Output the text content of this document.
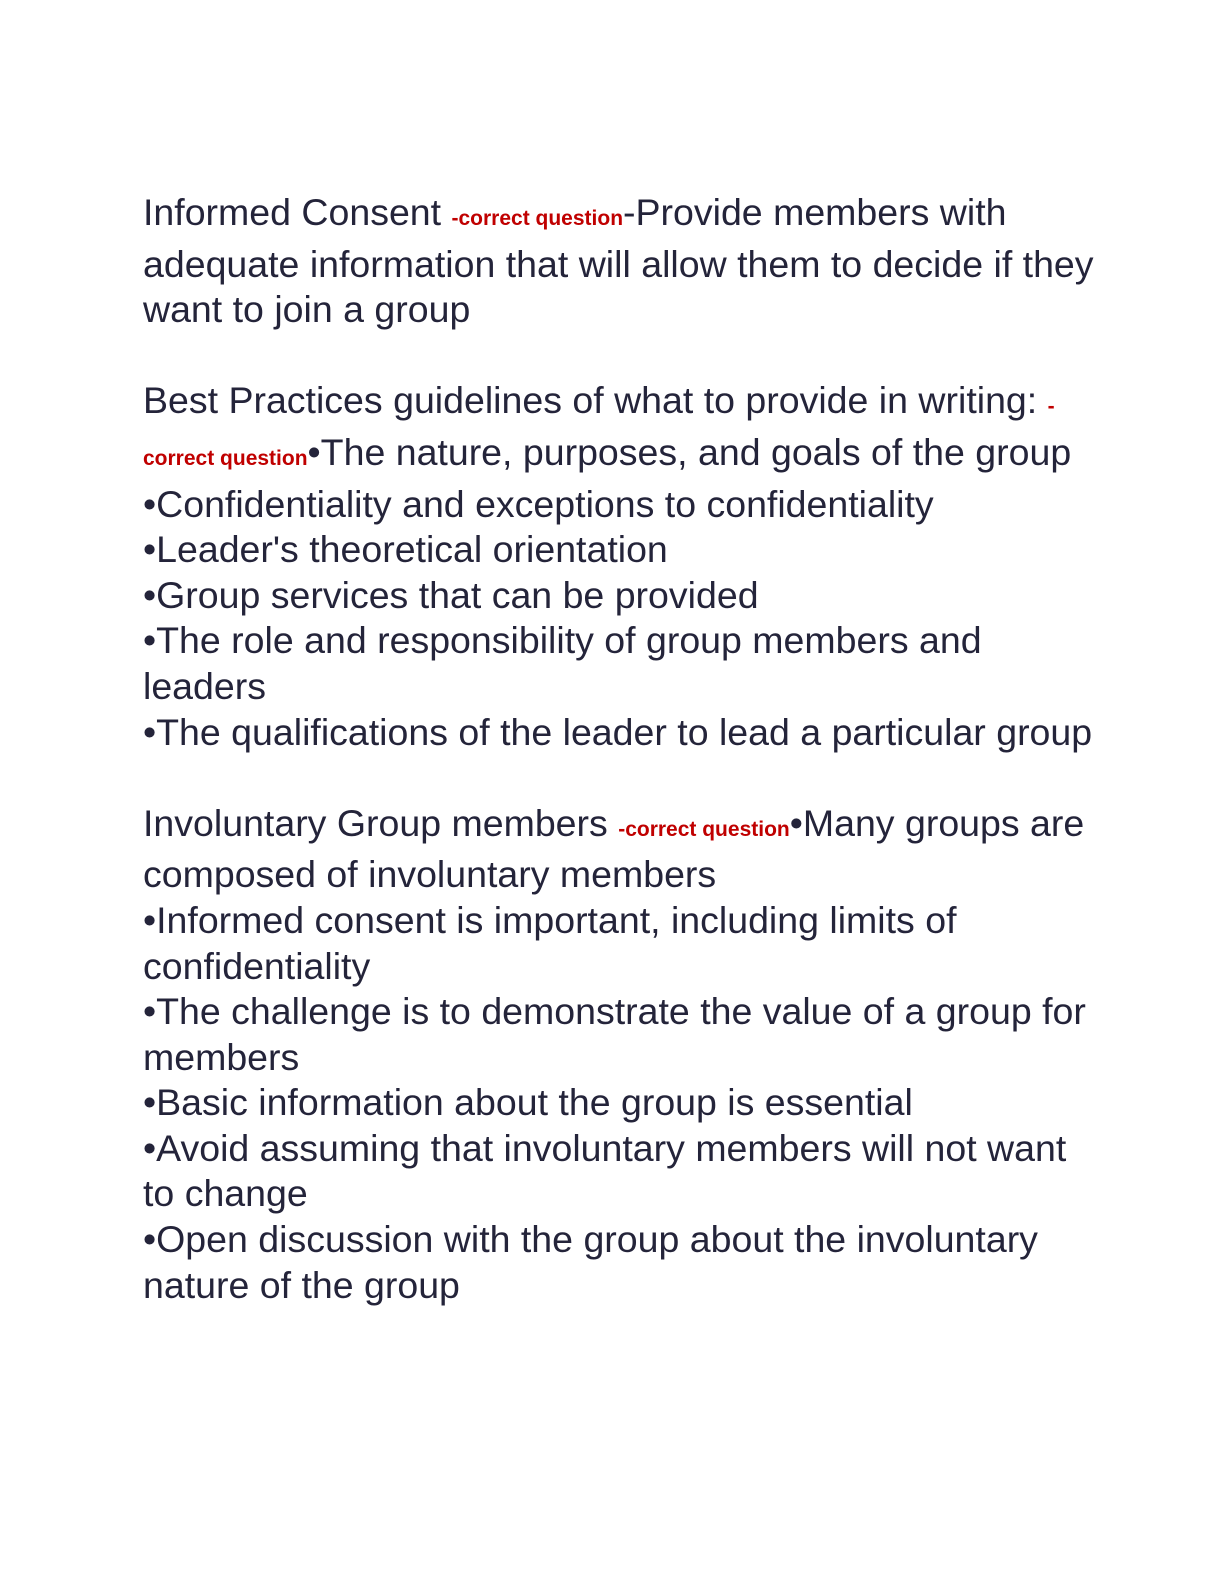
Informed Consent -correct question-Provide members with adequate information that will allow them to decide if they want to join a group

Best Practices guidelines of what to provide in writing: -correct question•The nature, purposes, and goals of the group

•Confidentiality and exceptions to confidentiality
•Leader's theoretical orientation
•Group services that can be provided
•The role and responsibility of group members and leaders
•The qualifications of the leader to lead a particular group

Involuntary Group members -correct question•Many groups are composed of involuntary members

•Informed consent is important, including limits of confidentiality
•The challenge is to demonstrate the value of a group for members
•Basic information about the group is essential
•Avoid assuming that involuntary members will not want to change
•Open discussion with the group about the involuntary nature of the group
